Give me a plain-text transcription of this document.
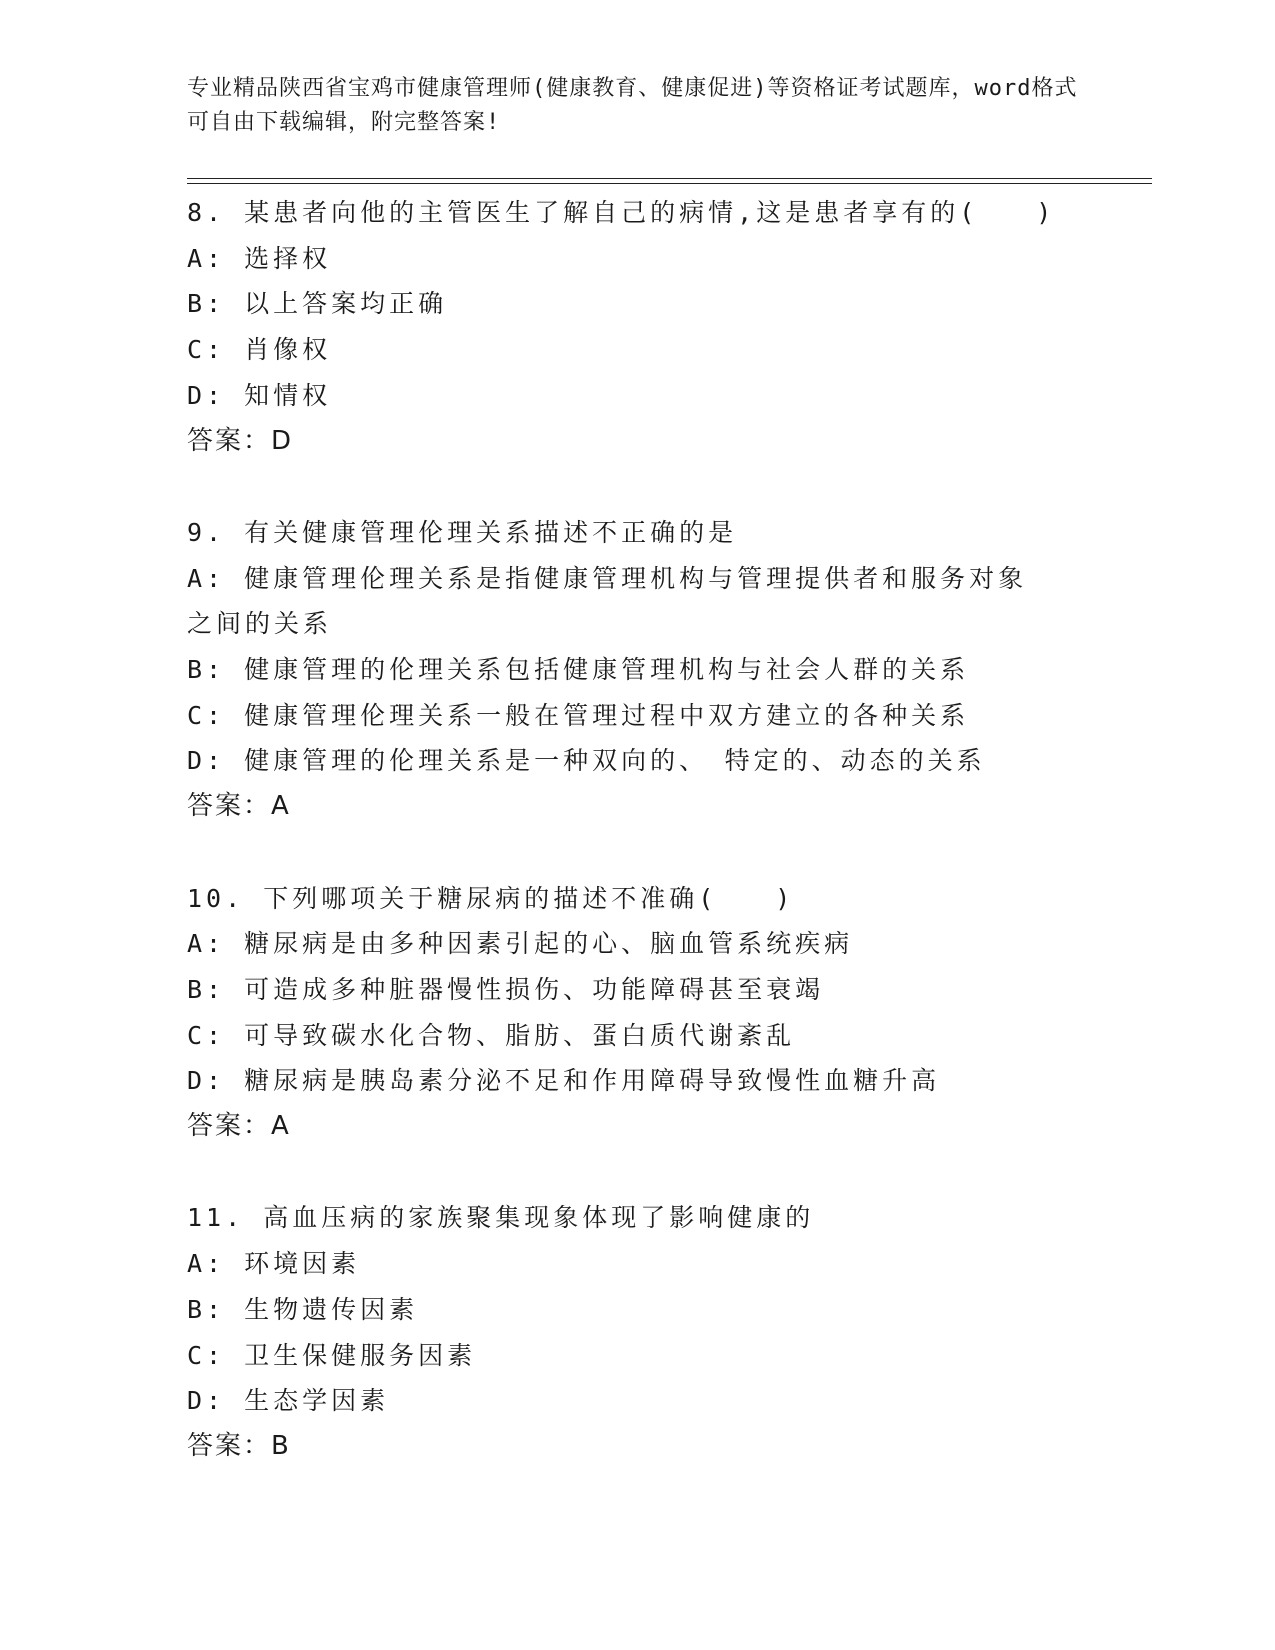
专业精品陕西省宝鸡市健康管理师(健康教育、健康促进)等资格证考试题库，word格式可自由下载编辑，附完整答案!
8. 某患者向他的主管医生了解自己的病情,这是患者享有的(　　)
A: 选择权
B: 以上答案均正确
C: 肖像权
D: 知情权
答案：D
9. 有关健康管理伦理关系描述不正确的是
A: 健康管理伦理关系是指健康管理机构与管理提供者和服务对象之间的关系
B: 健康管理的伦理关系包括健康管理机构与社会人群的关系
C: 健康管理伦理关系一般在管理过程中双方建立的各种关系
D: 健康管理的伦理关系是一种双向的、　特定的、动态的关系
答案：A
10. 下列哪项关于糖尿病的描述不准确(　　)
A: 糖尿病是由多种因素引起的心、脑血管系统疾病
B: 可造成多种脏器慢性损伤、功能障碍甚至衰竭
C: 可导致碳水化合物、脂肪、蛋白质代谢紊乱
D: 糖尿病是胰岛素分泌不足和作用障碍导致慢性血糖升高
答案：A
11. 高血压病的家族聚集现象体现了影响健康的
A: 环境因素
B: 生物遗传因素
C: 卫生保健服务因素
D: 生态学因素
答案：B
